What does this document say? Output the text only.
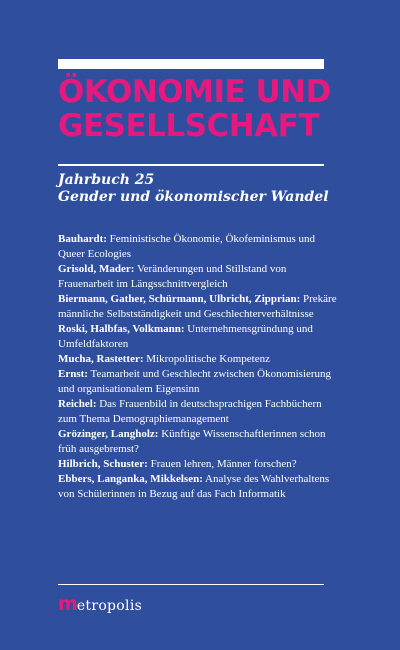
ÖKONOMIE UND
GESELLSCHAFT
Jahrbuch 25
Gender und ökonomischer Wandel
Bauhardt: Feministische Ökonomie, Ökofeminismus und Queer Ecologies
Grisold, Mader: Veränderungen und Stillstand von Frauenarbeit im Längsschnittvergleich
Biermann, Gather, Schürmann, Ulbricht, Zipprian: Prekäre männliche Selbstständigkeit und Geschlechterverhältnisse
Roski, Halbfas, Volkmann: Unternehmensgründung und Umfeldfaktoren
Mucha, Rastetter: Mikropolitische Kompetenz
Ernst: Teamarbeit und Geschlecht zwischen Ökonomisierung und organisationalem Eigensinn
Reichel: Das Frauenbild in deutschsprachigen Fachbüchern zum Thema Demographiemanagement
Grözinger, Langholz: Künftige Wissenschaftlerinnen schon früh ausgebremst?
Hilbrich, Schuster: Frauen lehren, Männer forschen?
Ebbers, Langanka, Mikkelsen: Analyse des Wahlverhaltens von Schülerinnen in Bezug auf das Fach Informatik
metropolis
